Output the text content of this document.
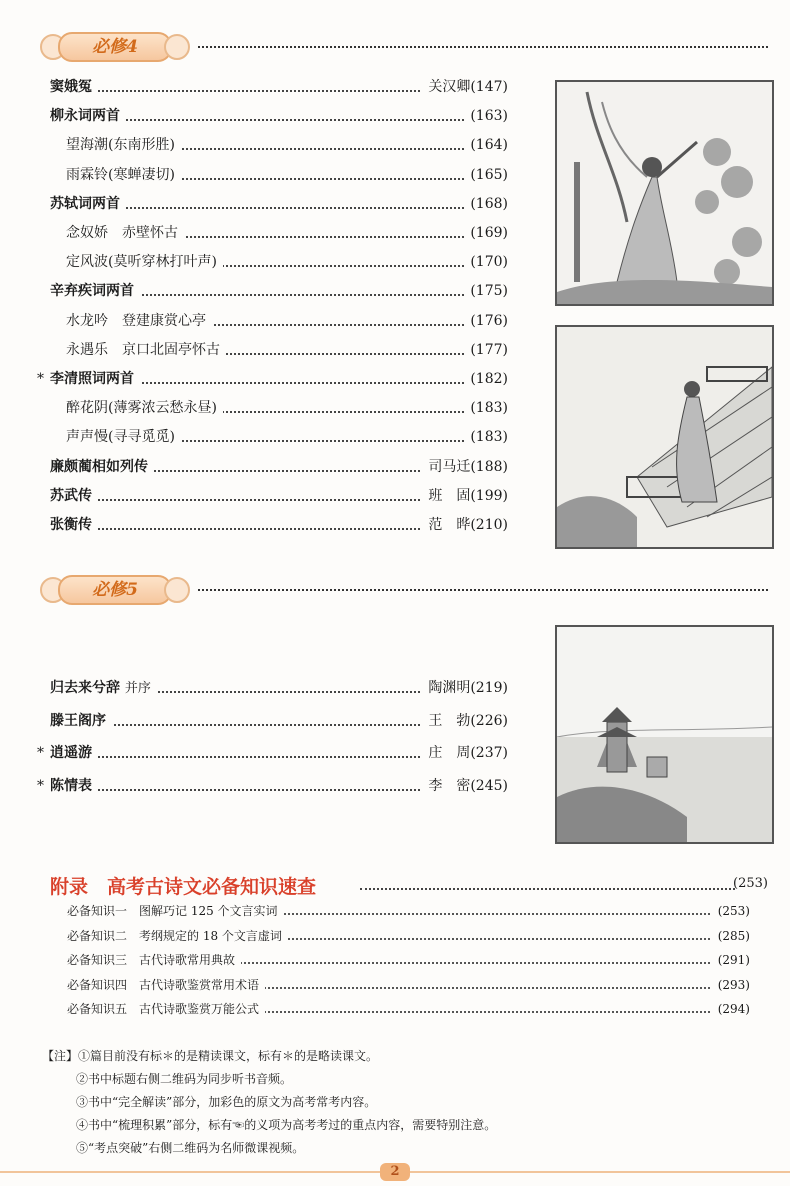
必修4
窦娥冤	关汉卿(147)
柳永词两首	(163)
望海潮(东南形胜)	(164)
雨霖铃(寒蝉凄切)	(165)
苏轼词两首	(168)
念奴娇　赤壁怀古	(169)
定风波(莫听穿林打叶声)	(170)
辛弃疾词两首	(175)
水龙吟　登建康赏心亭	(176)
永遇乐　京口北固亭怀古	(177)
* 李清照词两首	(182)
醉花阴(薄雾浓云愁永昼)	(183)
声声慢(寻寻觅觅)	(183)
廉颇蔺相如列传	司马迁(188)
苏武传	班　固(199)
张衡传	范　晔(210)
必修5
归去来兮辞 并序	陶渊明(219)
滕王阁序	王　勃(226)
* 逍遥游	庄　周(237)
* 陈情表	李　密(245)
附录　高考古诗文必备知识速查	(253)
必备知识一　图解巧记 125 个文言实词	(253)
必备知识二　考纲规定的 18 个文言虚词	(285)
必备知识三　古代诗歌常用典故	(291)
必备知识四　古代诗歌鉴赏常用术语	(293)
必备知识五　古代诗歌鉴赏万能公式	(294)
【注】①篇目前没有标＊的是精读课文，标有＊的是略读课文。
②书中标题右侧二维码为同步听书音频。
③书中“完全解读”部分，加彩色的原文为高考常考内容。
④书中“梳理积累”部分，标有☜的义项为高考考过的重点内容，需要特别注意。
⑤“考点突破”右侧二维码为名师微课视频。
2
